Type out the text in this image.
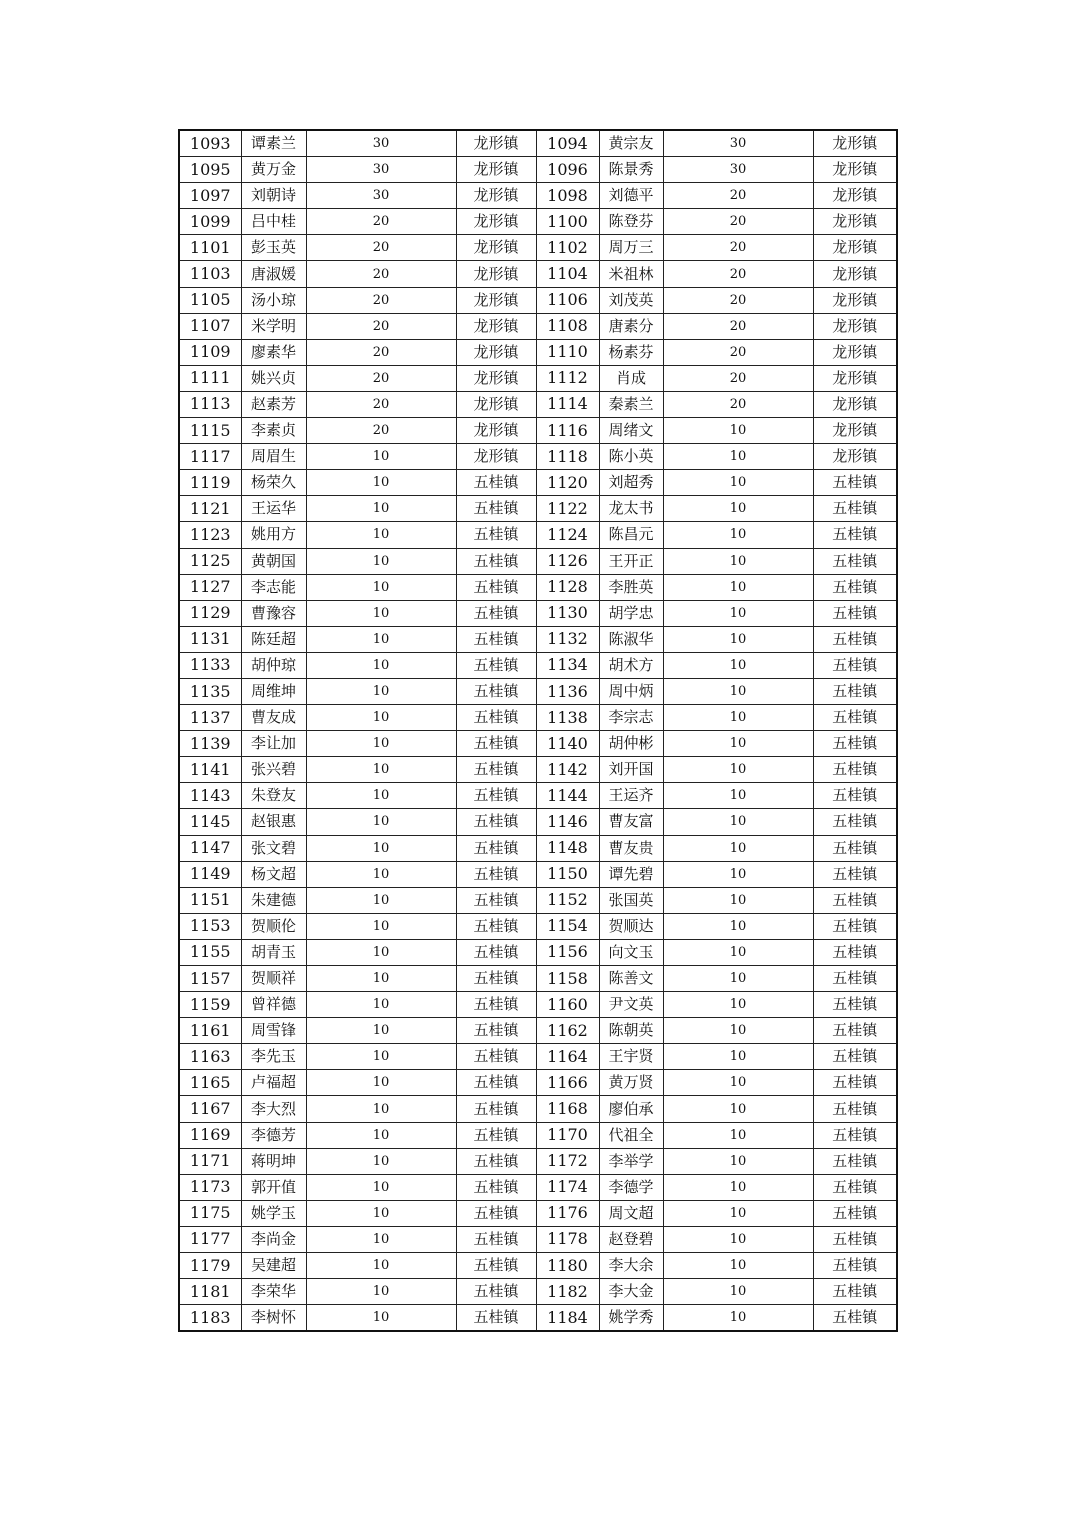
1093	谭素兰	30	龙形镇	1094	黄宗友	30	龙形镇
1095	黄万金	30	龙形镇	1096	陈景秀	30	龙形镇
1097	刘朝诗	30	龙形镇	1098	刘德平	20	龙形镇
1099	吕中桂	20	龙形镇	1100	陈登芬	20	龙形镇
1101	彭玉英	20	龙形镇	1102	周万三	20	龙形镇
1103	唐淑媛	20	龙形镇	1104	米祖林	20	龙形镇
1105	汤小琼	20	龙形镇	1106	刘茂英	20	龙形镇
1107	米学明	20	龙形镇	1108	唐素分	20	龙形镇
1109	廖素华	20	龙形镇	1110	杨素芬	20	龙形镇
1111	姚兴贞	20	龙形镇	1112	肖成	20	龙形镇
1113	赵素芳	20	龙形镇	1114	秦素兰	20	龙形镇
1115	李素贞	20	龙形镇	1116	周绪文	10	龙形镇
1117	周眉生	10	龙形镇	1118	陈小英	10	龙形镇
1119	杨荣久	10	五桂镇	1120	刘超秀	10	五桂镇
1121	王运华	10	五桂镇	1122	龙太书	10	五桂镇
1123	姚用方	10	五桂镇	1124	陈昌元	10	五桂镇
1125	黄朝国	10	五桂镇	1126	王开正	10	五桂镇
1127	李志能	10	五桂镇	1128	李胜英	10	五桂镇
1129	曹豫容	10	五桂镇	1130	胡学忠	10	五桂镇
1131	陈廷超	10	五桂镇	1132	陈淑华	10	五桂镇
1133	胡仲琼	10	五桂镇	1134	胡术方	10	五桂镇
1135	周维坤	10	五桂镇	1136	周中炳	10	五桂镇
1137	曹友成	10	五桂镇	1138	李宗志	10	五桂镇
1139	李让加	10	五桂镇	1140	胡仲彬	10	五桂镇
1141	张兴碧	10	五桂镇	1142	刘开国	10	五桂镇
1143	朱登友	10	五桂镇	1144	王运齐	10	五桂镇
1145	赵银惠	10	五桂镇	1146	曹友富	10	五桂镇
1147	张文碧	10	五桂镇	1148	曹友贵	10	五桂镇
1149	杨文超	10	五桂镇	1150	谭先碧	10	五桂镇
1151	朱建德	10	五桂镇	1152	张国英	10	五桂镇
1153	贺顺伦	10	五桂镇	1154	贺顺达	10	五桂镇
1155	胡青玉	10	五桂镇	1156	向文玉	10	五桂镇
1157	贺顺祥	10	五桂镇	1158	陈善文	10	五桂镇
1159	曾祥德	10	五桂镇	1160	尹文英	10	五桂镇
1161	周雪锋	10	五桂镇	1162	陈朝英	10	五桂镇
1163	李先玉	10	五桂镇	1164	王宇贤	10	五桂镇
1165	卢福超	10	五桂镇	1166	黄万贤	10	五桂镇
1167	李大烈	10	五桂镇	1168	廖伯承	10	五桂镇
1169	李德芳	10	五桂镇	1170	代祖全	10	五桂镇
1171	蒋明坤	10	五桂镇	1172	李举学	10	五桂镇
1173	郭开值	10	五桂镇	1174	李德学	10	五桂镇
1175	姚学玉	10	五桂镇	1176	周文超	10	五桂镇
1177	李尚金	10	五桂镇	1178	赵登碧	10	五桂镇
1179	吴建超	10	五桂镇	1180	李大余	10	五桂镇
1181	李荣华	10	五桂镇	1182	李大金	10	五桂镇
1183	李树怀	10	五桂镇	1184	姚学秀	10	五桂镇
